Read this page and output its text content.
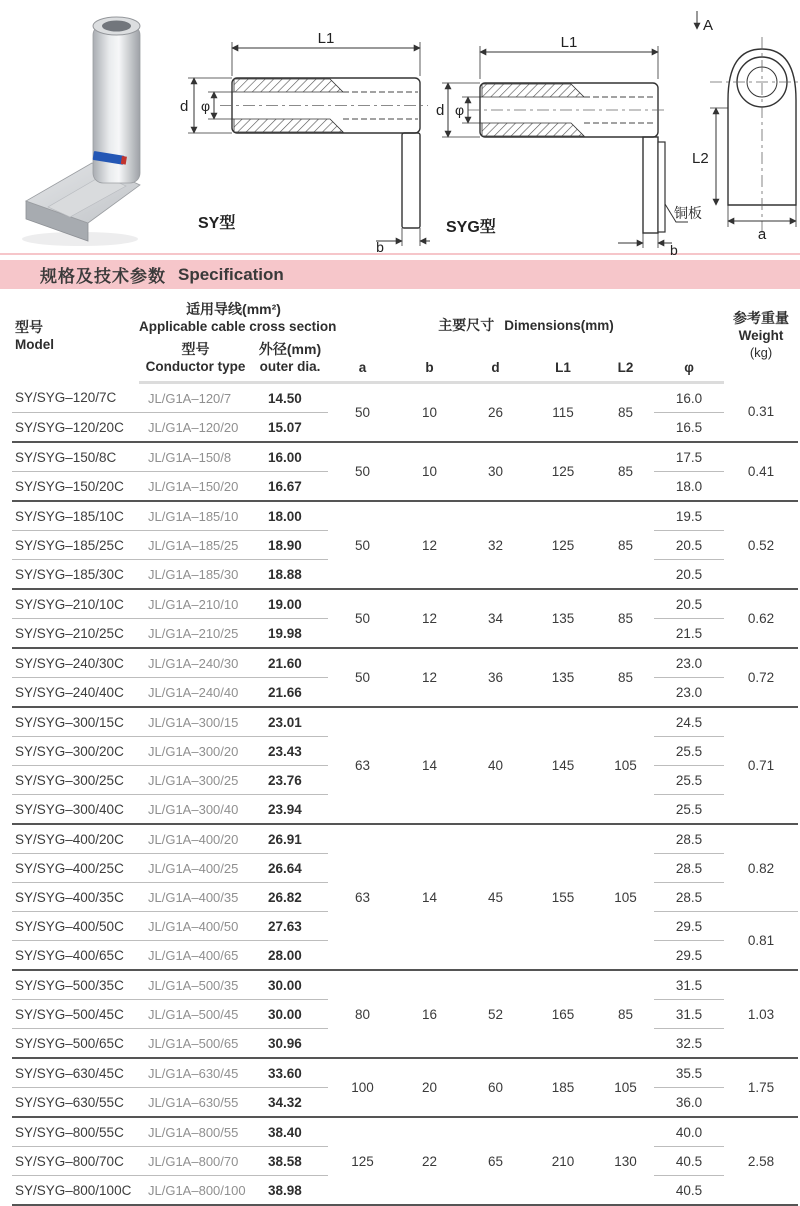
L1
d φ
b
SY型
L1
d φ
铜板
b
SYG型
A
L2
a
规格及技术参数 Specification
型号
Model

适用导线(mm²)
Applicable cable cross section	主要尺寸 Dimensions(mm)	参考重量
Weight
(kg)

型号
Conductor type

外径(mm)
outer dia.	a	b	d	L1	L2	φ
SY/SYG–120/7C	JL/G1A–120/7	14.50	50	10	26	115	85	16.0	0.31
SY/SYG–120/20C	JL/G1A–120/20	15.07						16.5	
SY/SYG–150/8C	JL/G1A–150/8	16.00	50	10	30	125	85	17.5	0.41
SY/SYG–150/20C	JL/G1A–150/20	16.67						18.0	
SY/SYG–185/10C	JL/G1A–185/10	18.00	50	12	32	125	85	19.5	0.52
SY/SYG–185/25C	JL/G1A–185/25	18.90						20.5	
SY/SYG–185/30C	JL/G1A–185/30	18.88						20.5	
SY/SYG–210/10C	JL/G1A–210/10	19.00	50	12	34	135	85	20.5	0.62
SY/SYG–210/25C	JL/G1A–210/25	19.98						21.5	
SY/SYG–240/30C	JL/G1A–240/30	21.60	50	12	36	135	85	23.0	0.72
SY/SYG–240/40C	JL/G1A–240/40	21.66						23.0	
SY/SYG–300/15C	JL/G1A–300/15	23.01	63	14	40	145	105	24.5	0.71
SY/SYG–300/20C	JL/G1A–300/20	23.43						25.5	
SY/SYG–300/25C	JL/G1A–300/25	23.76						25.5	
SY/SYG–300/40C	JL/G1A–300/40	23.94						25.5	
SY/SYG–400/20C	JL/G1A–400/20	26.91	63	14	45	155	105	28.5	0.82
SY/SYG–400/25C	JL/G1A–400/25	26.64						28.5	
SY/SYG–400/35C	JL/G1A–400/35	26.82						28.5	
SY/SYG–400/50C	JL/G1A–400/50	27.63						29.5	0.81
SY/SYG–400/65C	JL/G1A–400/65	28.00						29.5	
SY/SYG–500/35C	JL/G1A–500/35	30.00	80	16	52	165	85	31.5	1.03
SY/SYG–500/45C	JL/G1A–500/45	30.00						31.5	
SY/SYG–500/65C	JL/G1A–500/65	30.96						32.5	
SY/SYG–630/45C	JL/G1A–630/45	33.60	100	20	60	185	105	35.5	1.75
SY/SYG–630/55C	JL/G1A–630/55	34.32						36.0	
SY/SYG–800/55C	JL/G1A–800/55	38.40	125	22	65	210	130	40.0	2.58
SY/SYG–800/70C	JL/G1A–800/70	38.58						40.5	
SY/SYG–800/100C	JL/G1A–800/100	38.98						40.5	
